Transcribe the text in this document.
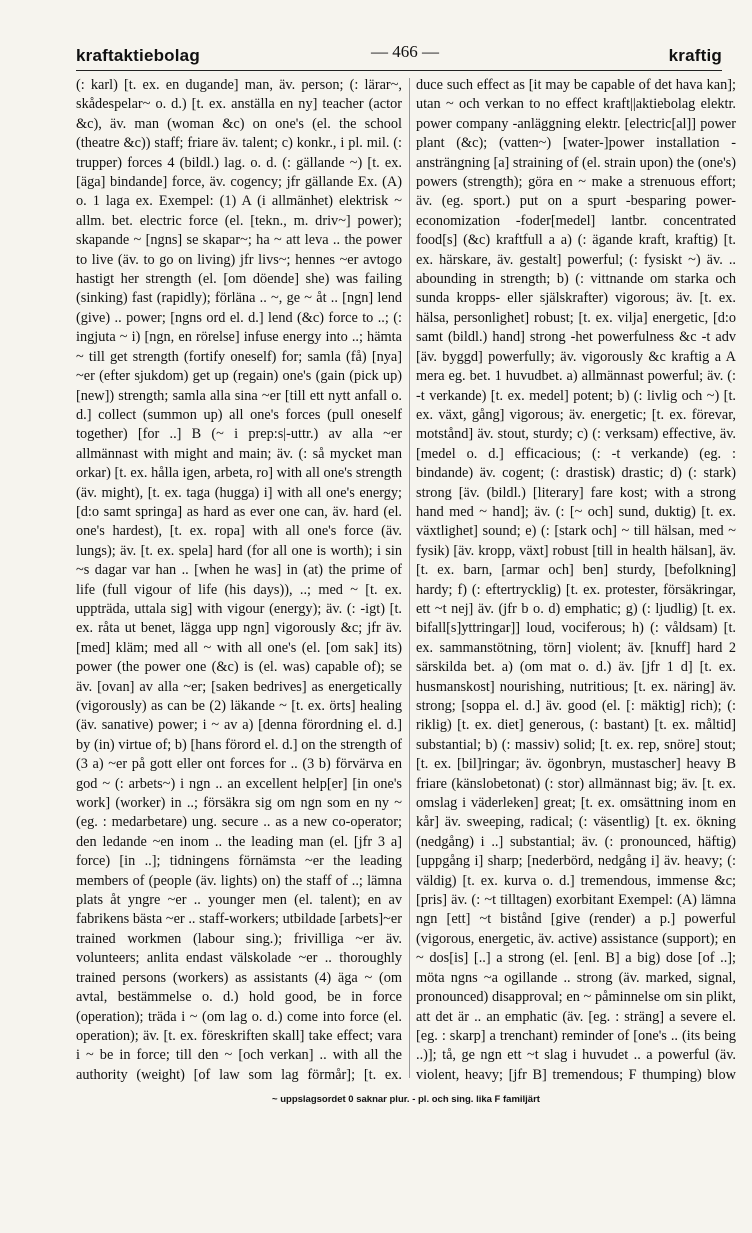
kraftaktiebolag	— 466 —	kraftig

(: karl) [t. ex. en dugande] man, äv. person; (: lärar~, skådespelar~ o. d.) [t. ex. anställa en ny] teacher (actor &c), äv. man (woman &c) on one's (el. the school (theatre &c)) staff; friare äv. talent; c) konkr., i pl. mil. (: trupper) forces 4 (bildl.) lag. o. d. (: gällande ~) [t. ex. [äga] bindande] force, äv. cogency; jfr gällande Ex. (A) o. 1 laga ex. Exempel: (1) A (i allmänhet) elektrisk ~ allm. bet. electric force (el. [tekn., m. driv~] power); skapande ~ [ngns] se skapar~; ha ~ att leva .. the power to live (äv. to go on living) jfr livs~; hennes ~er avtogo hastigt her strength (el. [om döende] she) was failing (sinking) fast (rapidly); förläna .. ~, ge ~ åt .. [ngn] lend (give) .. power; [ngns ord el. d.] lend (&c) force to ..; (: ingjuta ~ i) [ngn, en rörelse] infuse energy into ..; hämta ~ till get strength (fortify oneself) for; samla (få) [nya] ~er (efter sjukdom) get up (regain) one's (gain (pick up) [new]) strength; samla alla sina ~er [till ett nytt anfall o. d.] collect (summon up) all one's forces (pull oneself together) [for ..] B (~ i prep:s|-uttr.) av alla ~er allmännast with might and main; äv. (: så mycket man orkar) [t. ex. hålla igen, arbeta, ro] with all one's strength (äv. might), [t. ex. taga (hugga) i] with all one's energy; [d:o samt springa] as hard as ever one can, äv. hard (el. one's hardest), [t. ex. ropa] with all one's force (äv. lungs); äv. [t. ex. spela] hard (for all one is worth); i sin ~s dagar var han .. [when he was] in (at) the prime of life (full vigour of life (his days)), ..; med ~ [t. ex. uppträda, uttala sig] with vigour (energy); äv. (: -igt) [t. ex. råta ut benet, lägga upp ngn] vigorously &c; jfr äv. [med] kläm; med all ~ with all one's (el. [om sak] its) power (the power one (&c) is (el. was) capable of); se äv. [ovan] av alla ~er; [saken bedrives] as energetically (vigorously) as can be (2) läkande ~ [t. ex. örts] healing (äv. sanative) power; i ~ av a) [denna förordning el. d.] by (in) virtue of; b) [hans förord el. d.] on the strength of (3 a) ~er på gott eller ont forces for .. (3 b) förvärva en god ~ (: arbets~) i ngn .. an excellent help[er] [in one's work] (worker) in ..; försäkra sig om ngn som en ny ~ (eg. : medarbetare) ung. secure .. as a new co-operator; den ledande ~en inom .. the leading man (el. [jfr 3 a] force) [in ..]; tidningens förnämsta ~er the leading members of (people (äv. lights) on) the staff of ..; lämna plats åt yngre ~er .. younger men (el. talent); en av fabrikens bästa ~er .. staff-workers; utbildade [arbets]~er trained workmen (labour sing.); frivilliga ~er äv. volunteers; anlita endast välskolade ~er .. thoroughly trained persons (workers) as assistants (4) äga ~ (om avtal, bestämmelse o. d.) hold good, be in force (operation); träda i ~ (om lag o. d.) come into force (el. operation); äv. [t. ex. föreskriften skall] take effect; vara i ~ be in force; till den ~ [och verkan] .. with all the authority (weight) [of law som lag förmår]; [t. ex.

duce such effect as [it may be capable of det hava kan]; utan ~ och verkan to no effect kraft||aktiebolag elektr. power company -anläggning elektr. [electric[al]] power plant (&c); (vatten~) [water-]power installation -ansträngning [a] straining of (el. strain upon) the (one's) powers (strength); göra en ~ make a strenuous effort; äv. (eg. sport.) put on a spurt -besparing power-economization -foder[medel] lantbr. concentrated food[s] (&c) kraftfull a a) (: ägande kraft, kraftig) [t. ex. härskare, äv. gestalt] powerful; (: fysiskt ~) äv. .. abounding in strength; b) (: vittnande om starka och sunda kropps- eller själskrafter) vigorous; äv. [t. ex. hälsa, personlighet] robust; [t. ex. vilja] energetic, [d:o samt (bildl.) hand] strong -het powerfulness &c -t adv [äv. byggd] powerfully; äv. vigorously &c kraftig a A mera eg. bet. 1 huvudbet. a) allmännast powerful; äv. (: -t verkande) [t. ex. medel] potent; b) (: livlig och ~) [t. ex. växt, gång] vigorous; äv. energetic; [t. ex. förevar, motstånd] äv. stout, sturdy; c) (: verksam) effective, äv. [medel o. d.] efficacious; (: -t verkande) (eg. : bindande) äv. cogent; (: drastisk) drastic; d) (: stark) strong [äv. (bildl.) [literary] fare kost; with a strong hand med ~ hand]; äv. (: [~ och] sund, duktig) [t. ex. växtlighet] sound; e) (: [stark och] ~ till hälsan, med ~ fysik) [äv. kropp, växt] robust [till in health hälsan], äv. [t. ex. barn, [armar och] ben] sturdy, [befolkning] hardy; f) (: eftertrycklig) [t. ex. protester, försäkringar, ett ~t nej] äv. (jfr b o. d) emphatic; g) (: ljudlig) [t. ex. bifall[s]yttringar]] loud, vociferous; h) (: våldsam) [t. ex. sammanstötning, törn] violent; äv. [knuff] hard 2 särskilda bet. a) (om mat o. d.) äv. [jfr 1 d] [t. ex. husmanskost] nourishing, nutritious; [t. ex. näring] äv. strong; [soppa el. d.] äv. good (el. [: mäktig] rich); (: riklig) [t. ex. diet] generous, (: bastant) [t. ex. måltid] substantial; b) (: massiv) solid; [t. ex. rep, snöre] stout; [t. ex. [bil]ringar; äv. ögonbryn, mustascher] heavy B friare (känslobetonat) (: stor) allmännast big; äv. [t. ex. omslag i väderleken] great; [t. ex. omsättning inom en kår] äv. sweeping, radical; (: väsentlig) [t. ex. ökning (nedgång) i ..] substantial; äv. (: pronounced, häftig) [uppgång i] sharp; [nederbörd, nedgång i] äv. heavy; (: väldig) [t. ex. kurva o. d.] tremendous, immense &c; [pris] äv. (: ~t tilltagen) exorbitant Exempel: (A) lämna ngn [ett] ~t bistånd [give (render) a p.] powerful (vigorous, energetic, äv. active) assistance (support); en ~ dos[is] [..] a strong (el. [enl. B] a big) dose [of ..]; möta ngns ~a ogillande .. strong (äv. marked, signal, pronounced) disapproval; en ~ påminnelse om sin plikt, att det är .. an emphatic (äv. [eg. : sträng] a severe el. [eg. : skarp] a trenchant) reminder of [one's .. (its being ..)]; tå, ge ngn ett ~t slag i huvudet .. a powerful (äv. violent, heavy; [jfr B] tremendous; F thumping) blow

~ uppslagsordet 0 saknar plur. - pl. och sing. lika F familjärt
